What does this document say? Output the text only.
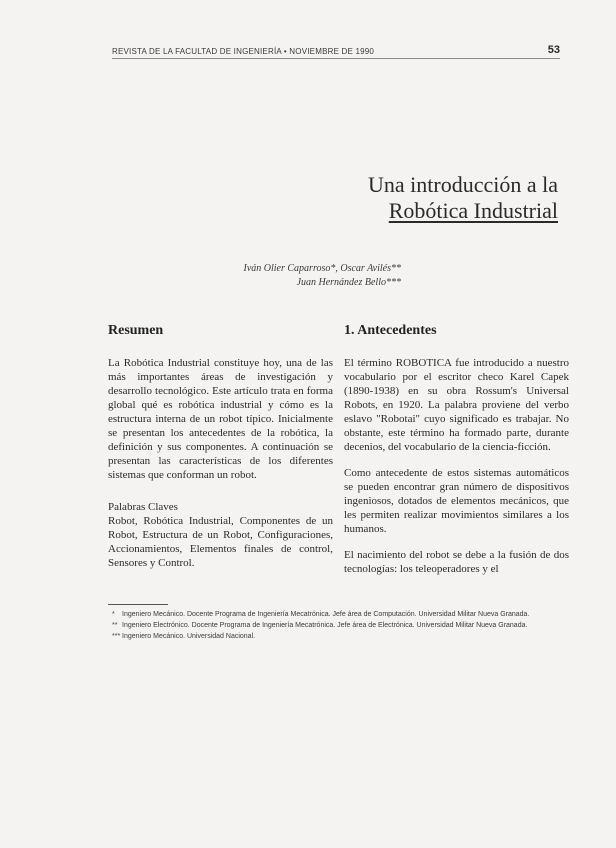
REVISTA DE LA FACULTAD DE INGENIERÍA • NOVIEMBRE DE 1990	53
Una introducción a la
Robótica Industrial
Iván Olier Caparroso*, Oscar Avilés**
Juan Hernández Bello***
Resumen

La Robótica Industrial constituye hoy, una de las más importantes áreas de investigación y desarrollo tecnológico. Este artículo trata en forma global qué es robótica industrial y cómo es la estructura interna de un robot típico. Inicialmente se presentan los antecedentes de la robótica, la definición y sus componentes. A continuación se presentan las características de los diferentes sistemas que conforman un robot.

Palabras Claves

Robot, Robótica Industrial, Componentes de un Robot, Estructura de un Robot, Configuraciones, Accionamientos, Elementos finales de control, Sensores y Control.

1. Antecedentes

El término ROBOTICA fue introducido a nuestro vocabulario por el escritor checo Karel Capek (1890-1938) en su obra Rossum's Universal Robots, en 1920. La palabra proviene del verbo eslavo "Robotai" cuyo significado es trabajar. No obstante, este término ha formado parte, durante decenios, del vocabulario de la ciencia-ficción.

Como antecedente de estos sistemas automáticos se pueden encontrar gran número de dispositivos ingeniosos, dotados de elementos mecánicos, que les permiten realizar movimientos similares a los humanos.

El nacimiento del robot se debe a la fusión de dos tecnologías: los teleoperadores y el

* Ingeniero Mecánico. Docente Programa de Ingeniería Mecatrónica. Jefe área de Computación. Universidad Militar Nueva Granada.
** Ingeniero Electrónico. Docente Programa de Ingeniería Mecatrónica. Jefe área de Electrónica. Universidad Militar Nueva Granada.
*** Ingeniero Mecánico. Universidad Nacional.
